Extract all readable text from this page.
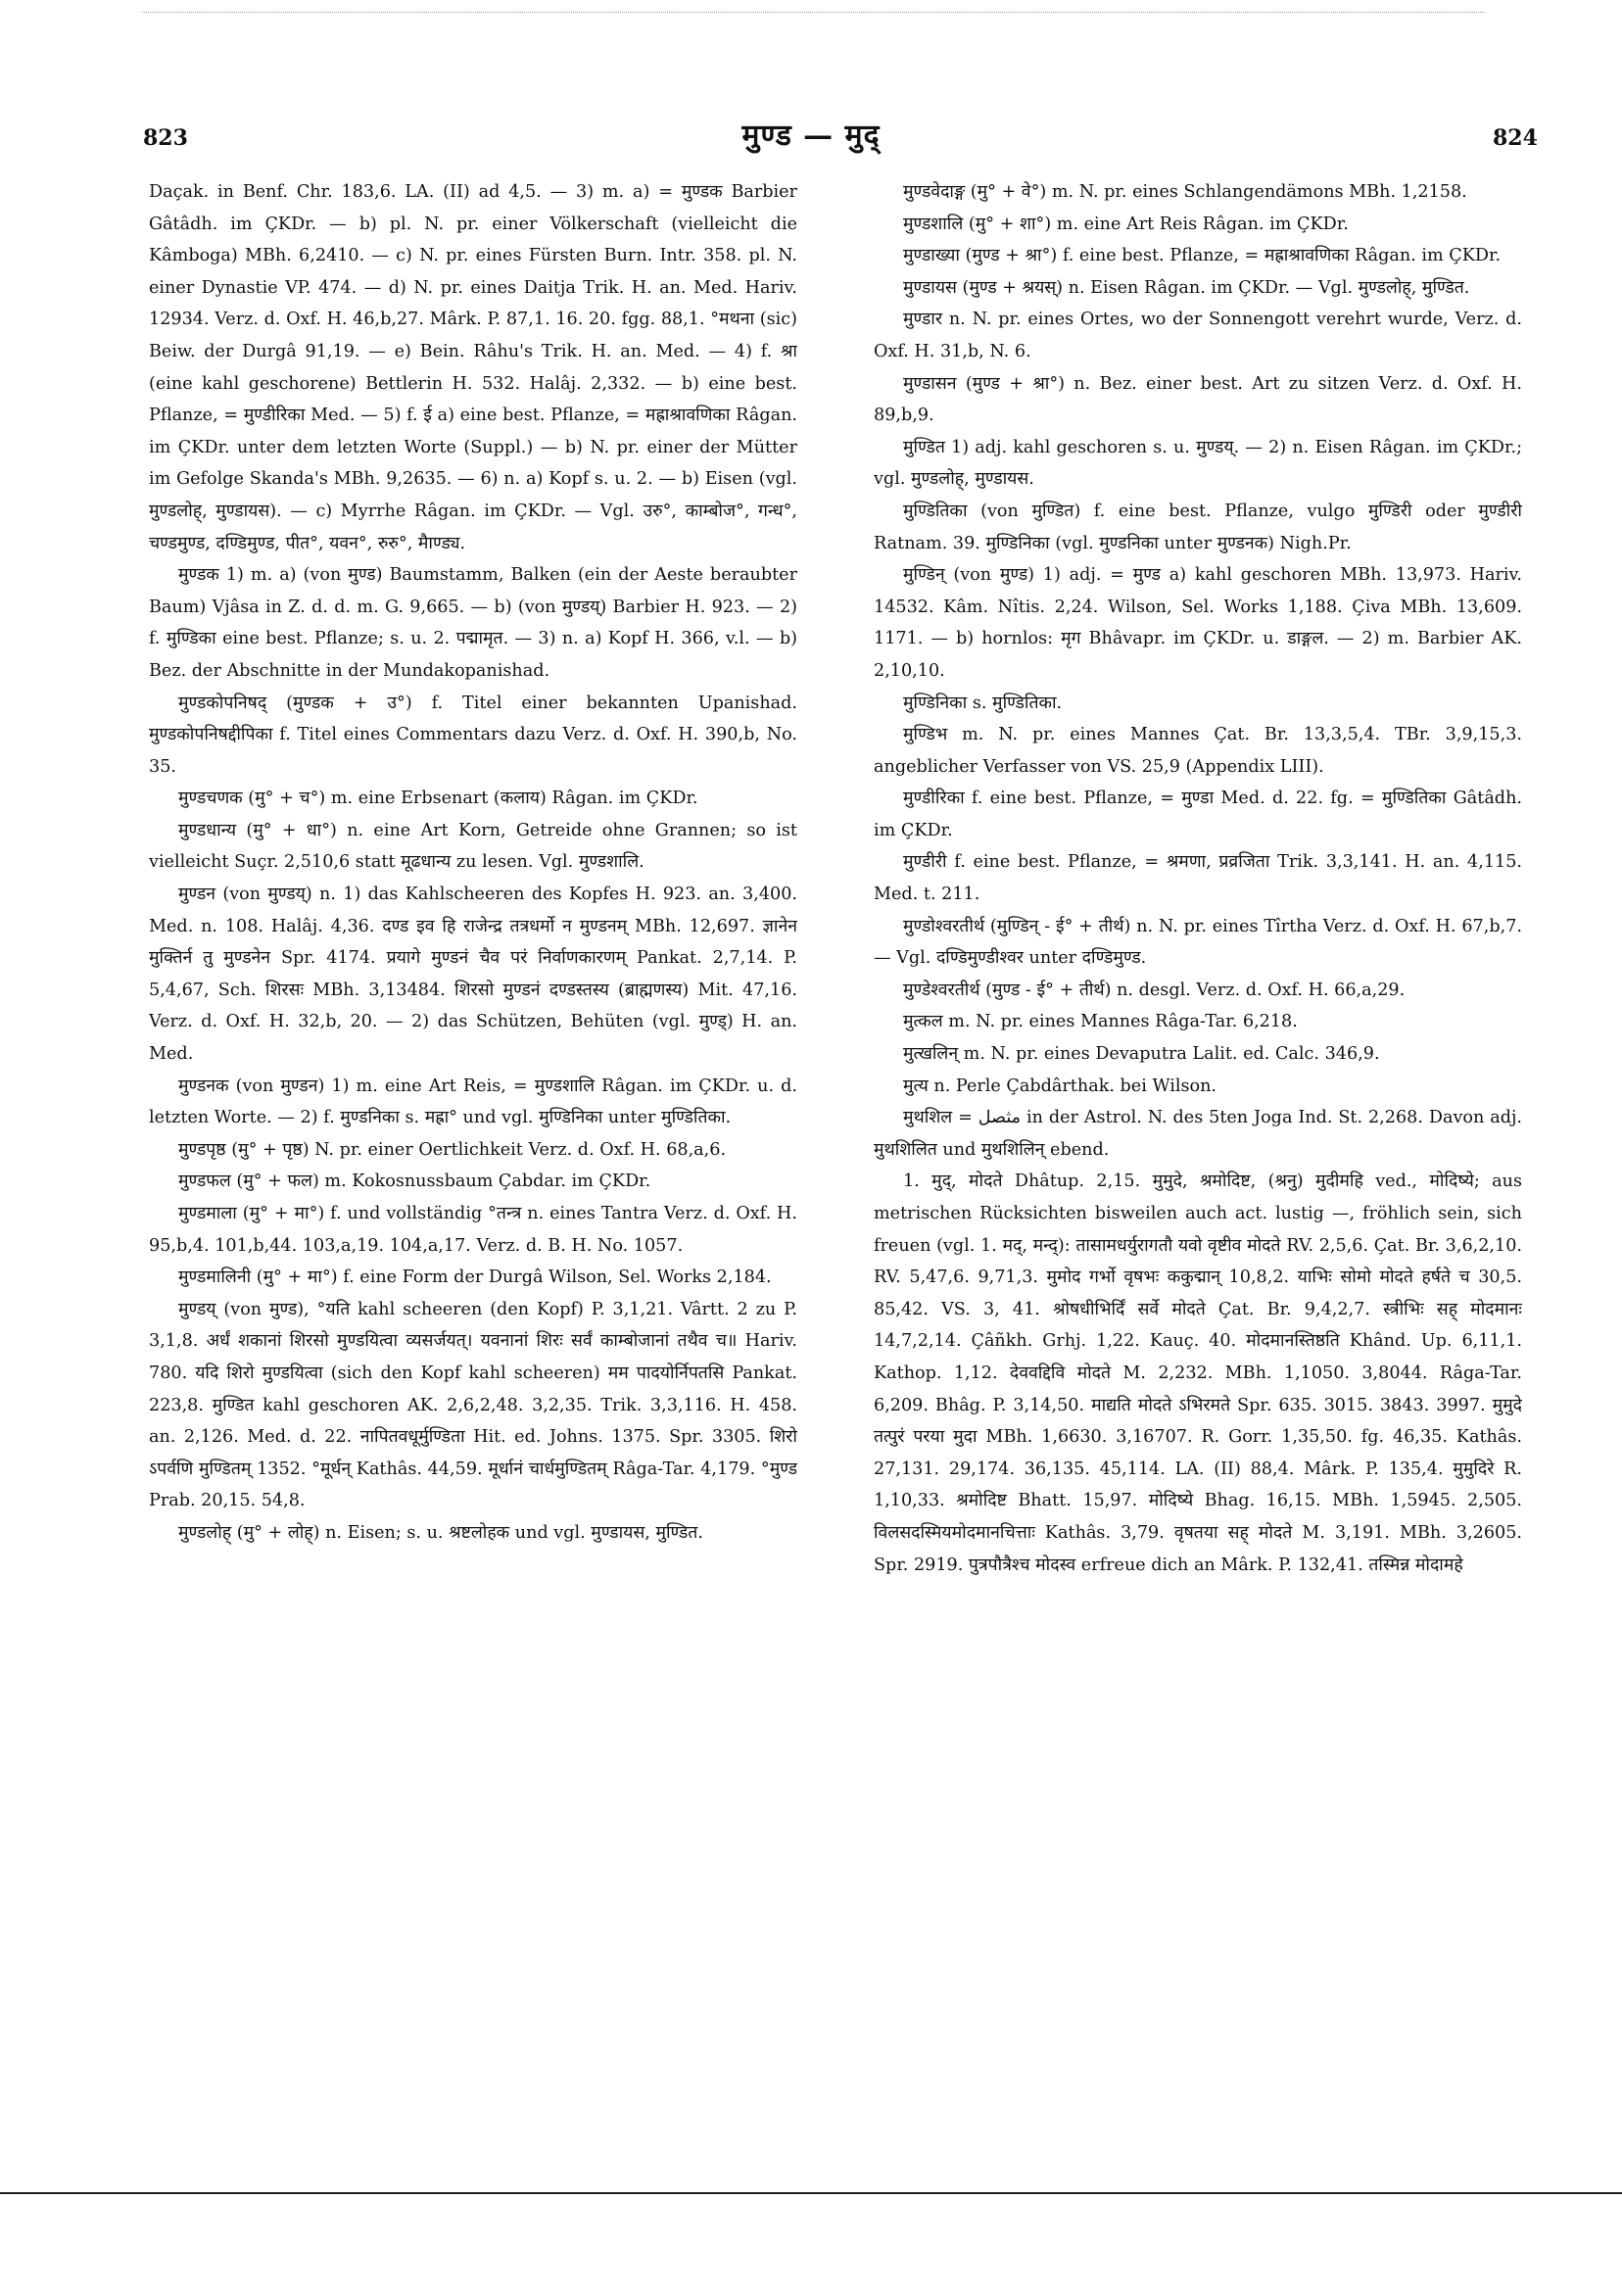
823	मुण्ड — मुद्	824

Daçak. in Benf. Chr. 183,6. LA. (II) ad 4,5. — 3) m. a) = मुण्डक Barbier Gâtâdh. im ÇKDr. — b) pl. N. pr. einer Völkerschaft (vielleicht die Kâmboga) MBh. 6,2410. — c) N. pr. eines Fürsten Burn. Intr. 358. pl. N. einer Dynastie VP. 474. — d) N. pr. eines Daitja Trik. H. an. Med. Hariv. 12934. Verz. d. Oxf. H. 46,b,27. Mârk. P. 87,1. 16. 20. fgg. 88,1. °मथना (sic) Beiw. der Durgâ 91,19. — e) Bein. Râhu's Trik. H. an. Med. — 4) f. श्रा (eine kahl geschorene) Bettlerin H. 532. Halâj. 2,332. — b) eine best. Pflanze, = मुण्डीरिका Med. — 5) f. ई a) eine best. Pflanze, = मह्राश्रावणिका Râgan. im ÇKDr. unter dem letzten Worte (Suppl.) — b) N. pr. einer der Mütter im Gefolge Skanda's MBh. 9,2635. — 6) n. a) Kopf s. u. 2. — b) Eisen (vgl. मुण्डलोह्, मुण्डायस). — c) Myrrhe Râgan. im ÇKDr. — Vgl. उरु°, काम्बोज°, गन्ध°, चण्डमुण्ड, दण्डिमुण्ड, पीत°, यवन°, रुरु°, मैाण्ड्य.

मुण्डक 1) m. a) (von मुण्ड) Baumstamm, Balken (ein der Aeste beraubter Baum) Vjâsa in Z. d. d. m. G. 9,665. — b) (von मुण्डय्) Barbier H. 923. — 2) f. मुण्डिका eine best. Pflanze; s. u. 2. पद्मामृत. — 3) n. a) Kopf H. 366, v.l. — b) Bez. der Abschnitte in der Mundakopanishad.

मुण्डकोपनिषद् (मुण्डक + उ°) f. Titel einer bekannten Upanishad. मुण्डकोपनिषद्दीपिका f. Titel eines Commentars dazu Verz. d. Oxf. H. 390,b, No. 35.

मुण्डचणक (मु° + च°) m. eine Erbsenart (कलाय) Râgan. im ÇKDr.

मुण्डधान्य (मु° + धा°) n. eine Art Korn, Getreide ohne Grannen; so ist vielleicht Suçr. 2,510,6 statt मूढधान्य zu lesen. Vgl. मुण्डशालि.

मुण्डन (von मुण्डय्) n. 1) das Kahlscheeren des Kopfes H. 923. an. 3,400. Med. n. 108. Halâj. 4,36. दण्ड इव हि राजेन्द्र तत्रधर्मो न मुण्डनम् MBh. 12,697. ज्ञानेन मुक्तिर्न तु मुण्डनेन Spr. 4174. प्रयागे मुण्डनं चैव परं निर्वाणकारणम् Pankat. 2,7,14. P. 5,4,67, Sch. शिरसः MBh. 3,13484. शिरसो मुण्डनं दण्डस्तस्य (ब्राह्मणस्य) Mit. 47,16. Verz. d. Oxf. H. 32,b, 20. — 2) das Schützen, Behüten (vgl. मुण्ड्) H. an. Med.

मुण्डनक (von मुण्डन) 1) m. eine Art Reis, = मुण्डशालि Râgan. im ÇKDr. u. d. letzten Worte. — 2) f. मुण्डनिका s. मह्रा° und vgl. मुण्डिनिका unter मुण्डितिका.

मुण्डपृष्ठ (मु° + पृष्ठ) N. pr. einer Oertlichkeit Verz. d. Oxf. H. 68,a,6.

मुण्डफल (मु° + फल) m. Kokosnussbaum Çabdar. im ÇKDr.

मुण्डमाला (मु° + मा°) f. und vollständig °तन्त्र n. eines Tantra Verz. d. Oxf. H. 95,b,4. 101,b,44. 103,a,19. 104,a,17. Verz. d. B. H. No. 1057.

मुण्डमालिनी (मु° + मा°) f. eine Form der Durgâ Wilson, Sel. Works 2,184.

मुण्डय् (von मुण्ड), °यति kahl scheeren (den Kopf) P. 3,1,21. Vârtt. 2 zu P. 3,1,8. अर्धं शकानां शिरसो मुण्डयित्वा व्यसर्जयत्। यवनानां शिरः सर्वं काम्बोजानां तथैव च॥ Hariv. 780. यदि शिरो मुण्डयित्वा (sich den Kopf kahl scheeren) मम पादयोर्निपतसि Pankat. 223,8. मुण्डित kahl geschoren AK. 2,6,2,48. 3,2,35. Trik. 3,3,116. H. 458. an. 2,126. Med. d. 22. नापितवधूर्मुण्डिता Hit. ed. Johns. 1375. Spr. 3305. शिरो ऽपर्वणि मुण्डितम् 1352. °मूर्धन् Kathâs. 44,59. मूर्धानं चार्धमुण्डितम् Râga-Tar. 4,179. °मुण्ड Prab. 20,15. 54,8.

मुण्डलोह् (मु° + लोह्) n. Eisen; s. u. श्रष्टलोहक und vgl. मुण्डायस, मुण्डित.

मुण्डवेदाङ्ग (मु° + वे°) m. N. pr. eines Schlangendämons MBh. 1,2158.

मुण्डशालि (मु° + शा°) m. eine Art Reis Râgan. im ÇKDr.

मुण्डाख्या (मुण्ड + श्रा°) f. eine best. Pflanze, = मह्राश्रावणिका Râgan. im ÇKDr.

मुण्डायस (मुण्ड + श्रयस्) n. Eisen Râgan. im ÇKDr. — Vgl. मुण्डलोह्, मुण्डित.

मुण्डार n. N. pr. eines Ortes, wo der Sonnengott verehrt wurde, Verz. d. Oxf. H. 31,b, N. 6.

मुण्डासन (मुण्ड + श्रा°) n. Bez. einer best. Art zu sitzen Verz. d. Oxf. H. 89,b,9.

मुण्डित 1) adj. kahl geschoren s. u. मुण्डय्. — 2) n. Eisen Râgan. im ÇKDr.; vgl. मुण्डलोह्, मुण्डायस.

मुण्डितिका (von मुण्डित) f. eine best. Pflanze, vulgo मुण्डिरी oder मुण्डीरी Ratnam. 39. मुण्डिनिका (vgl. मुण्डनिका unter मुण्डनक) Nigh.Pr.

मुण्डिन् (von मुण्ड) 1) adj. = मुण्ड a) kahl geschoren MBh. 13,973. Hariv. 14532. Kâm. Nîtis. 2,24. Wilson, Sel. Works 1,188. Çiva MBh. 13,609. 1171. — b) hornlos: मृग Bhâvapr. im ÇKDr. u. डाङ्गल. — 2) m. Barbier AK. 2,10,10.

मुण्डिनिका s. मुण्डितिका.

मुण्डिभ m. N. pr. eines Mannes Çat. Br. 13,3,5,4. TBr. 3,9,15,3. angeblicher Verfasser von VS. 25,9 (Appendix LIII).

मुण्डीरिका f. eine best. Pflanze, = मुण्डा Med. d. 22. fg. = मुण्डितिका Gâtâdh. im ÇKDr.

मुण्डीरी f. eine best. Pflanze, = श्रमणा, प्रव्रजिता Trik. 3,3,141. H. an. 4,115. Med. t. 211.

मुण्डोश्वरतीर्थ (मुण्डिन् - ई° + तीर्थ) n. N. pr. eines Tîrtha Verz. d. Oxf. H. 67,b,7. — Vgl. दण्डिमुण्डीश्वर unter दण्डिमुण्ड.

मुण्डेश्वरतीर्थ (मुण्ड - ई° + तीर्थ) n. desgl. Verz. d. Oxf. H. 66,a,29.

मुत्कल m. N. pr. eines Mannes Râga-Tar. 6,218.

मुत्खलिन् m. N. pr. eines Devaputra Lalit. ed. Calc. 346,9.

मुत्य n. Perle Çabdârthak. bei Wilson.

मुथशिल = مثصل in der Astrol. N. des 5ten Joga Ind. St. 2,268. Davon adj. मुथशिलित und मुथशिलिन् ebend.

1. मुद्, मोदते Dhâtup. 2,15. मुमुदे, श्रमोदिष्ट, (श्रनु) मुदीमहि ved., मोदिष्ये; aus metrischen Rücksichten bisweilen auch act. lustig —, fröhlich sein, sich freuen (vgl. 1. मद्, मन्द्): तासामधर्युरागतौ यवो वृष्टीव मोदते RV. 2,5,6. Çat. Br. 3,6,2,10. RV. 5,47,6. 9,71,3. मुमोद गर्भो वृषभः ककुद्मान् 10,8,2. याभिः सोमो मोदते हर्षते च 30,5. 85,42. VS. 3, 41. श्रोषधीभिर्दिं सर्वे मोदते Çat. Br. 9,4,2,7. स्त्रीभिः सह् मोदमानः 14,7,2,14. Çâñkh. Grhj. 1,22. Kauç. 40. मोदमानस्तिष्ठति Khând. Up. 6,11,1. Kathop. 1,12. देववद्दिवि मोदते M. 2,232. MBh. 1,1050. 3,8044. Râga-Tar. 6,209. Bhâg. P. 3,14,50. माद्यति मोदते ऽभिरमते Spr. 635. 3015. 3843. 3997. मुमुदे तत्पुरं परया मुदा MBh. 1,6630. 3,16707. R. Gorr. 1,35,50. fg. 46,35. Kathâs. 27,131. 29,174. 36,135. 45,114. LA. (II) 88,4. Mârk. P. 135,4. मुमुदिरे R. 1,10,33. श्रमोदिष्ट Bhatt. 15,97. मोदिष्ये Bhag. 16,15. MBh. 1,5945. 2,505. विलसदस्मियमोदमानचित्ताः Kathâs. 3,79. वृषतया सह् मोदते M. 3,191. MBh. 3,2605. Spr. 2919. पुत्रपौत्रैश्च मोदस्व erfreue dich an Mârk. P. 132,41. तस्मिन्न मोदामहे
